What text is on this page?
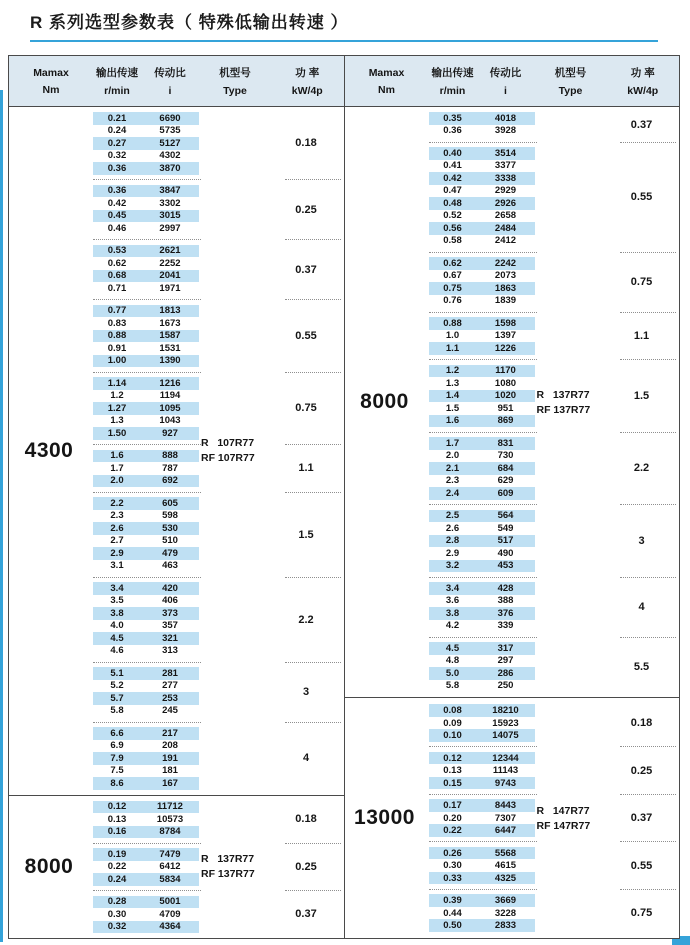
R 系列选型参数表（ 特殊低输出转速 ）
Mamax
Nm
输出传速
r/min
传动比
i
机型号
Type
功 率
kW/4p
Mamax
Nm
输出传速
r/min
传动比
i
机型号
Type
功 率
kW/4p
4300	R   107R77
RF 107R77
0.21	6690
0.24	5735
0.27	5127
0.32	4302
0.36	3870
0.18
0.36	3847
0.42	3302
0.45	3015
0.46	2997
0.25
0.53	2621
0.62	2252
0.68	2041
0.71	1971
0.37
0.77	1813
0.83	1673
0.88	1587
0.91	1531
1.00	1390
0.55
1.14	1216
1.2	1194
1.27	1095
1.3	1043
1.50	927
0.75
1.6	888
1.7	787
2.0	692
1.1
2.2	605
2.3	598
2.6	530
2.7	510
2.9	479
3.1	463
1.5
3.4	420
3.5	406
3.8	373
4.0	357
4.5	321
4.6	313
2.2
5.1	281
5.2	277
5.7	253
5.8	245
3
6.6	217
6.9	208
7.9	191
7.5	181
8.6	167
4
8000	R   137R77
RF 137R77
0.12	11712
0.13	10573
0.16	8784
0.18
0.19	7479
0.22	6412
0.24	5834
0.25
0.28	5001
0.30	4709
0.32	4364
0.37
8000	R   137R77
RF 137R77
0.35	4018
0.36	3928
0.37
0.40	3514
0.41	3377
0.42	3338
0.47	2929
0.48	2926
0.52	2658
0.56	2484
0.58	2412
0.55
0.62	2242
0.67	2073
0.75	1863
0.76	1839
0.75
0.88	1598
1.0	1397
1.1	1226
1.1
1.2	1170
1.3	1080
1.4	1020
1.5	951
1.6	869
1.5
1.7	831
2.0	730
2.1	684
2.3	629
2.4	609
2.2
2.5	564
2.6	549
2.8	517
2.9	490
3.2	453
3
3.4	428
3.6	388
3.8	376
4.2	339
4
4.5	317
4.8	297
5.0	286
5.8	250
5.5
13000	R   147R77
RF 147R77
0.08	18210
0.09	15923
0.10	14075
0.18
0.12	12344
0.13	11143
0.15	9743
0.25
0.17	8443
0.20	7307
0.22	6447
0.37
0.26	5568
0.30	4615
0.33	4325
0.55
0.39	3669
0.44	3228
0.50	2833
0.75
